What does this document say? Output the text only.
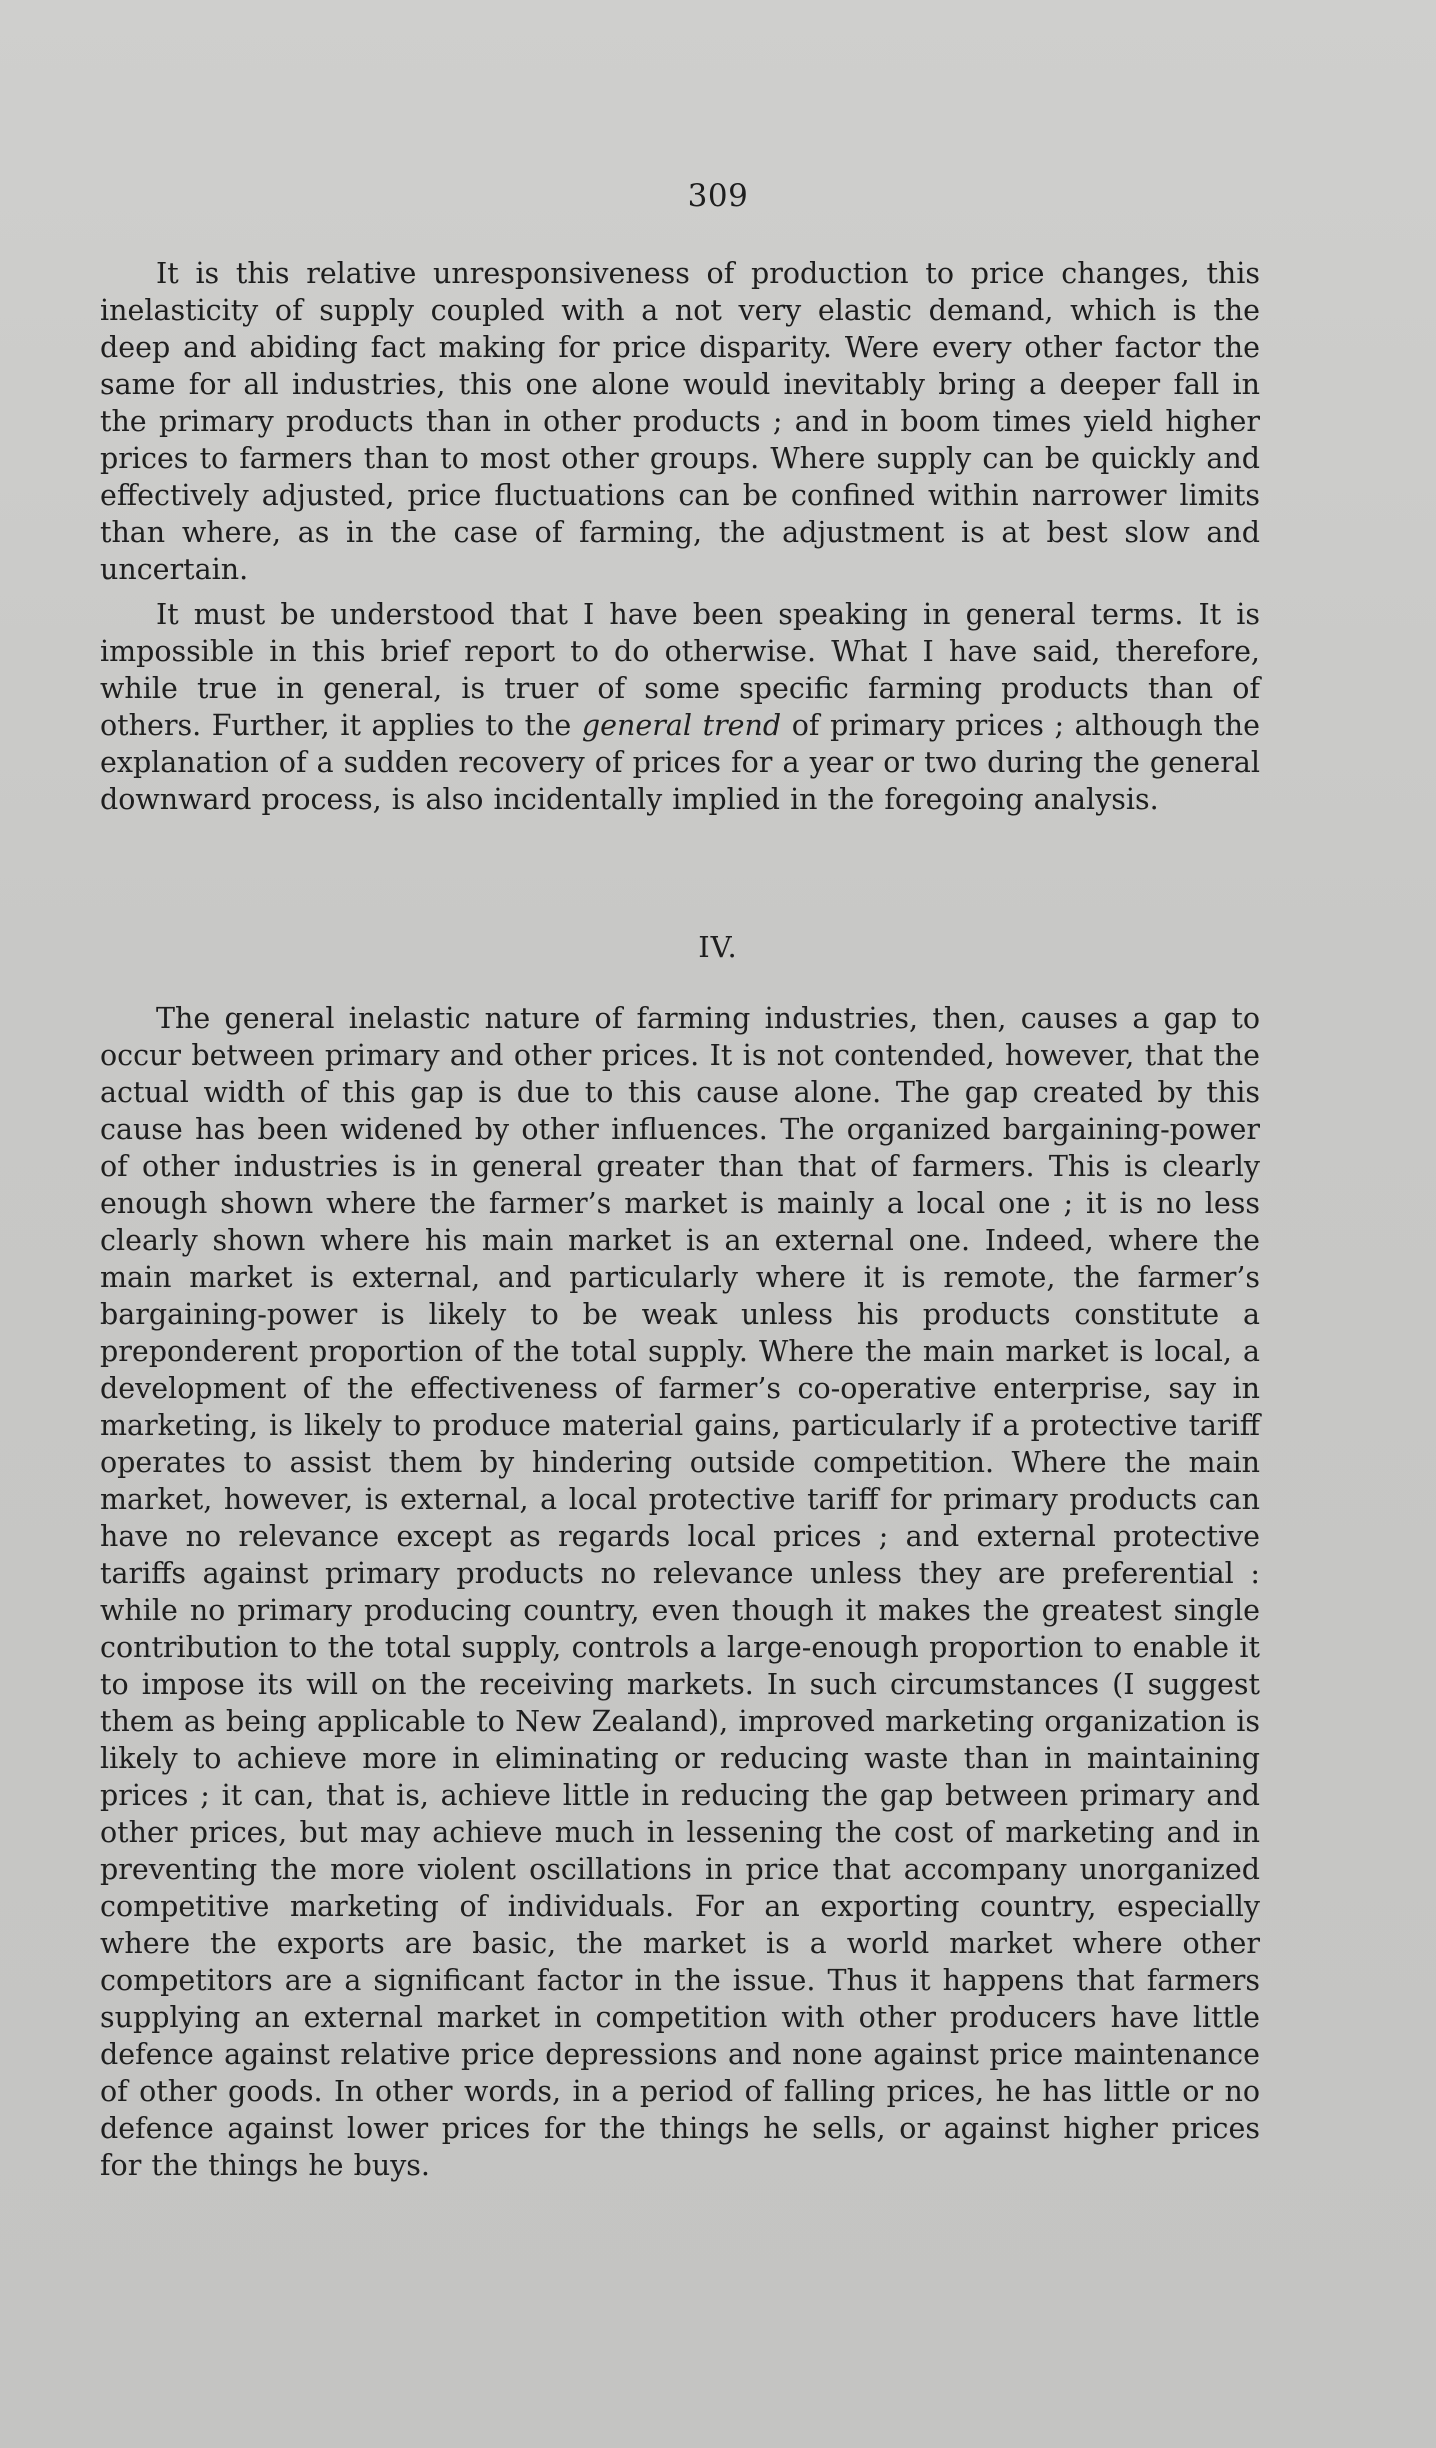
309

It is this relative unresponsiveness of production to price changes, this inelasticity of supply coupled with a not very elastic demand, which is the deep and abiding fact making for price disparity. Were every other factor the same for all industries, this one alone would inevitably bring a deeper fall in the primary products than in other products ; and in boom times yield higher prices to farmers than to most other groups. Where supply can be quickly and effectively adjusted, price fluctuations can be confined within narrower limits than where, as in the case of farming, the adjustment is at best slow and uncertain.

It must be understood that I have been speaking in general terms. It is impossible in this brief report to do otherwise. What I have said, therefore, while true in general, is truer of some specific farming products than of others. Further, it applies to the general trend of primary prices ; although the explanation of a sudden recovery of prices for a year or two during the general downward process, is also incidentally implied in the foregoing analysis.

IV.

The general inelastic nature of farming industries, then, causes a gap to occur between primary and other prices. It is not contended, however, that the actual width of this gap is due to this cause alone. The gap created by this cause has been widened by other influences. The organized bargaining-power of other industries is in general greater than that of farmers. This is clearly enough shown where the farmer’s market is mainly a local one ; it is no less clearly shown where his main market is an external one. Indeed, where the main market is external, and particularly where it is remote, the farmer’s bargaining-power is likely to be weak unless his products constitute a preponderent proportion of the total supply. Where the main market is local, a development of the effectiveness of farmer’s co-operative enterprise, say in marketing, is likely to produce material gains, particularly if a protective tariff operates to assist them by hindering outside competition. Where the main market, however, is external, a local protective tariff for primary products can have no relevance except as regards local prices ; and external protective tariffs against primary products no relevance unless they are preferential : while no primary producing country, even though it makes the greatest single contribution to the total supply, controls a large-enough proportion to enable it to impose its will on the receiving markets. In such circumstances (I suggest them as being applicable to New Zealand), improved marketing organization is likely to achieve more in eliminating or reducing waste than in maintaining prices ; it can, that is, achieve little in reducing the gap between primary and other prices, but may achieve much in lessening the cost of marketing and in preventing the more violent oscillations in price that accompany unorganized competitive marketing of individuals. For an exporting country, especially where the exports are basic, the market is a world market where other competitors are a significant factor in the issue. Thus it happens that farmers supplying an external market in competition with other producers have little defence against relative price depressions and none against price maintenance of other goods. In other words, in a period of falling prices, he has little or no defence against lower prices for the things he sells, or against higher prices for the things he buys.
